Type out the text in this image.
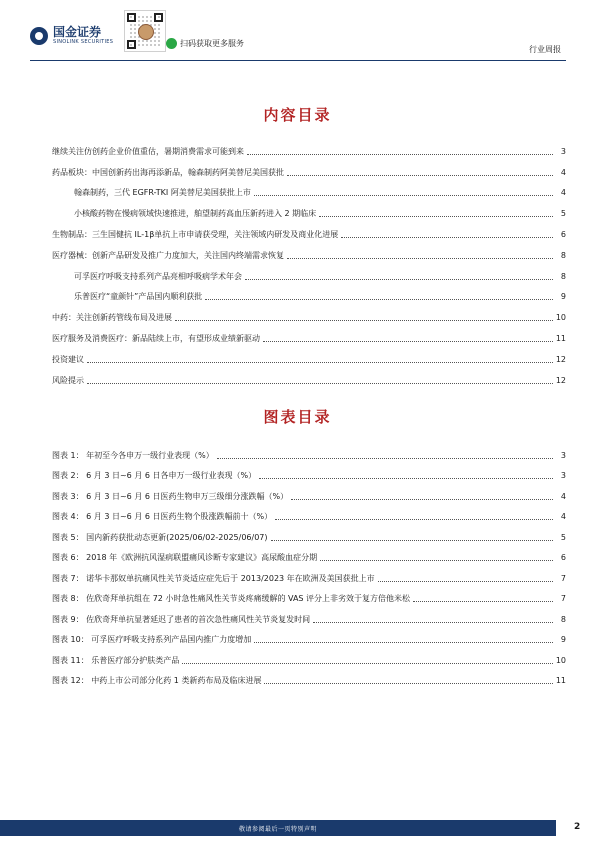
国金证券
SINOLINK SECURITIES	扫码获取更多服务
行业周报
内容目录
继续关注仿创药企业价值重估，暑期消费需求可能到来	3
药品板块：中国创新药出海再添新品，翰森制药阿美替尼美国获批	4
翰森制药，三代 EGFR-TKI 阿美替尼美国获批上市	4
小核酸药物在慢病领域快速推进，舶望制药高血压新药进入 2 期临床	5
生物制品：三生国健抗 IL-1β单抗上市申请获受理，关注领域内研发及商业化进展	6
医疗器械：创新产品研发及推广力度加大，关注国内终端需求恢复	8
可孚医疗呼吸支持系列产品亮相呼吸病学术年会	8
乐普医疗“童颜针”产品国内顺利获批	9
中药：关注创新药管线布局及进展	10
医疗服务及消费医疗：新品陆续上市，有望形成业绩新驱动	11
投资建议	12
风险提示	12
图表目录
图表 1： 年初至今各申万一级行业表现（%）	3
图表 2： 6 月 3 日~6 月 6 日各申万一级行业表现（%）	3
图表 3： 6 月 3 日~6 月 6 日医药生物申万三级细分涨跌幅（%）	4
图表 4： 6 月 3 日~6 月 6 日医药生物个股涨跌幅前十（%）	4
图表 5： 国内新药获批动态更新(2025/06/02-2025/06/07)	5
图表 6： 2018 年《欧洲抗风湿病联盟痛风诊断专家建议》高尿酸血症分期	6
图表 7： 诺华卡那奴单抗痛风性关节炎适应症先后于 2013/2023 年在欧洲及美国获批上市	7
图表 8： 佐欣奇拜单抗组在 72 小时急性痛风性关节炎疼痛缓解的 VAS 评分上非劣效于复方倍他米松	7
图表 9： 佐欣奇拜单抗显著延迟了患者的首次急性痛风性关节炎复发时间	8
图表 10： 可孚医疗呼吸支持系列产品国内推广力度增加	9
图表 11： 乐普医疗部分护肤类产品	10
图表 12： 中药上市公司部分化药 1 类新药布局及临床进展	11
敬请参阅最后一页特别声明	2
